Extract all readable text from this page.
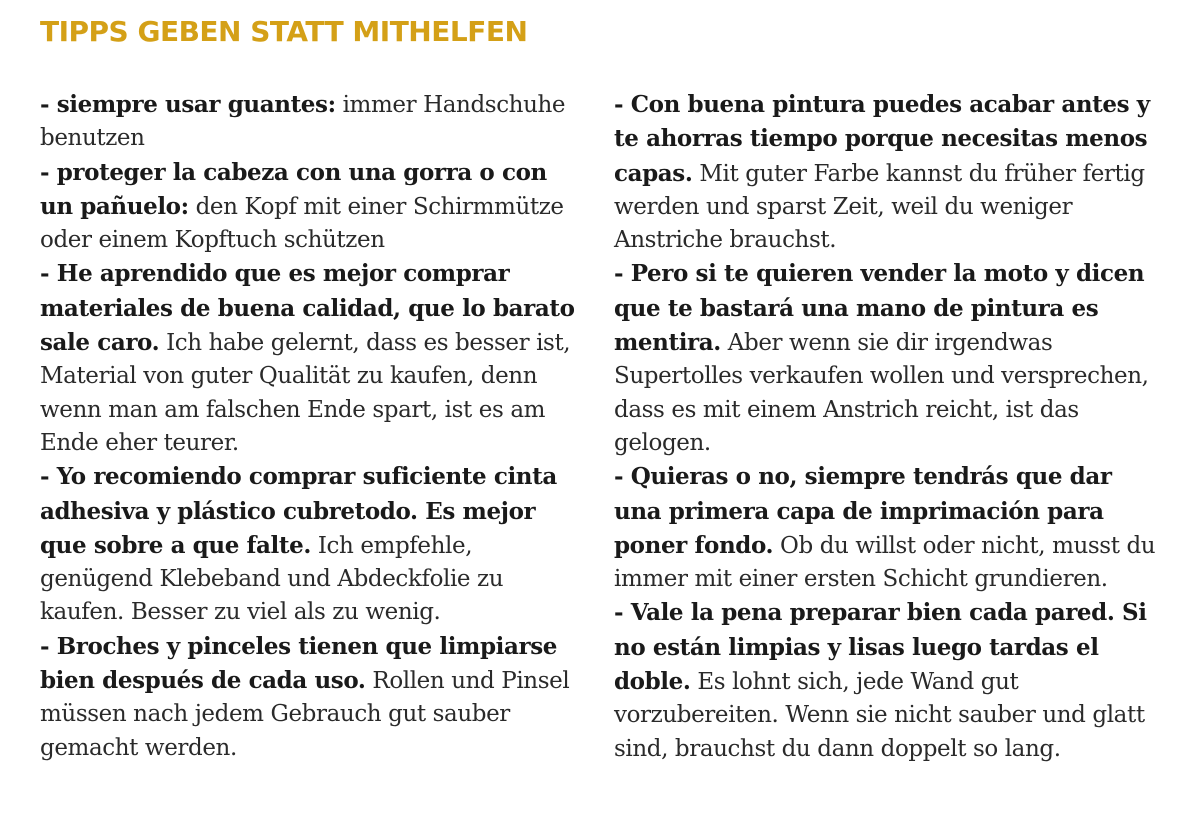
TIPPS GEBEN STATT MITHELFEN

- siempre usar guantes: immer Handschuhe benutzen

- proteger la cabeza con una gorra o con un pañuelo: den Kopf mit einer Schirmmütze oder einem Kopftuch schützen

- He aprendido que es mejor comprar materiales de buena calidad, que lo barato sale caro. Ich habe gelernt, dass es besser ist, Material von guter Qualität zu kaufen, denn wenn man am falschen Ende spart, ist es am Ende eher teurer.

- Yo recomiendo comprar suficiente cinta adhesiva y plástico cubretodo. Es mejor que sobre a que falte. Ich empfehle, genügend Klebeband und Abdeckfolie zu kaufen. Besser zu viel als zu wenig.

- Broches y pinceles tienen que limpiarse bien después de cada uso. Rollen und Pinsel müssen nach jedem Gebrauch gut sauber gemacht werden.

- Con buena pintura puedes acabar antes y te ahorras tiempo porque necesitas menos capas. Mit guter Farbe kannst du früher fertig werden und sparst Zeit, weil du weniger Anstriche brauchst.

- Pero si te quieren vender la moto y dicen que te bastará una mano de pintura es mentira. Aber wenn sie dir irgendwas Supertolles verkaufen wollen und versprechen, dass es mit einem Anstrich reicht, ist das gelogen.

- Quieras o no, siempre tendrás que dar una primera capa de imprimación para poner fondo. Ob du willst oder nicht, musst du immer mit einer ersten Schicht grundieren.

- Vale la pena preparar bien cada pared. Si no están limpias y lisas luego tardas el doble. Es lohnt sich, jede Wand gut vorzubereiten. Wenn sie nicht sauber und glatt sind, brauchst du dann doppelt so lang.
